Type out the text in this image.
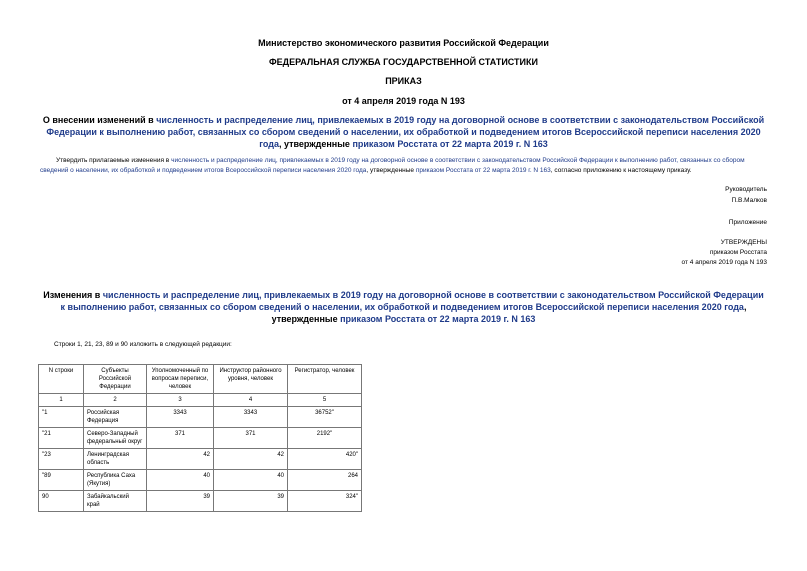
Министерство экономического развития Российской Федерации
ФЕДЕРАЛЬНАЯ СЛУЖБА ГОСУДАРСТВЕННОЙ СТАТИСТИКИ
ПРИКАЗ
от 4 апреля 2019 года N 193
О внесении изменений в численность и распределение лиц, привлекаемых в 2019 году на договорной основе в соответствии с законодательством Российской Федерации к выполнению работ, связанных со сбором сведений о населении, их обработкой и подведением итогов Всероссийской переписи населения 2020 года, утвержденные приказом Росстата от 22 марта 2019 г. N 163
Утвердить прилагаемые изменения в численность и распределение лиц, привлекаемых в 2019 году на договорной основе в соответствии с законодательством Российской Федерации к выполнению работ, связанных со сбором сведений о населении, их обработкой и подведением итогов Всероссийской переписи населения 2020 года, утвержденные приказом Росстата от 22 марта 2019 г. N 163, согласно приложению к настоящему приказу.
Руководитель
П.В.Малков
Приложение
УТВЕРЖДЕНЫ
приказом Росстата
от 4 апреля 2019 года N 193
Изменения в численность и распределение лиц, привлекаемых в 2019 году на договорной основе в соответствии с законодательством Российской Федерации к выполнению работ, связанных со сбором сведений о населении, их обработкой и подведением итогов Всероссийской переписи населения 2020 года, утвержденные приказом Росстата от 22 марта 2019 г. N 163
Строки 1, 21, 23, 89 и 90 изложить в следующей редакции:
N строки	Субъекты Российской Федерации	Уполномоченный по вопросам переписи, человек	Инструктор районного уровня, человек	Регистратор, человек
1	2	3	4	5
"1	Российская Федерация	3343	3343	36752"
"21	Северо-Западный федеральный округ	371	371	2192"
"23	Ленинградская область	42	42	420"
"89	Республика Саха (Якутия)	40	40	264
90	Забайкальский край	39	39	324"
